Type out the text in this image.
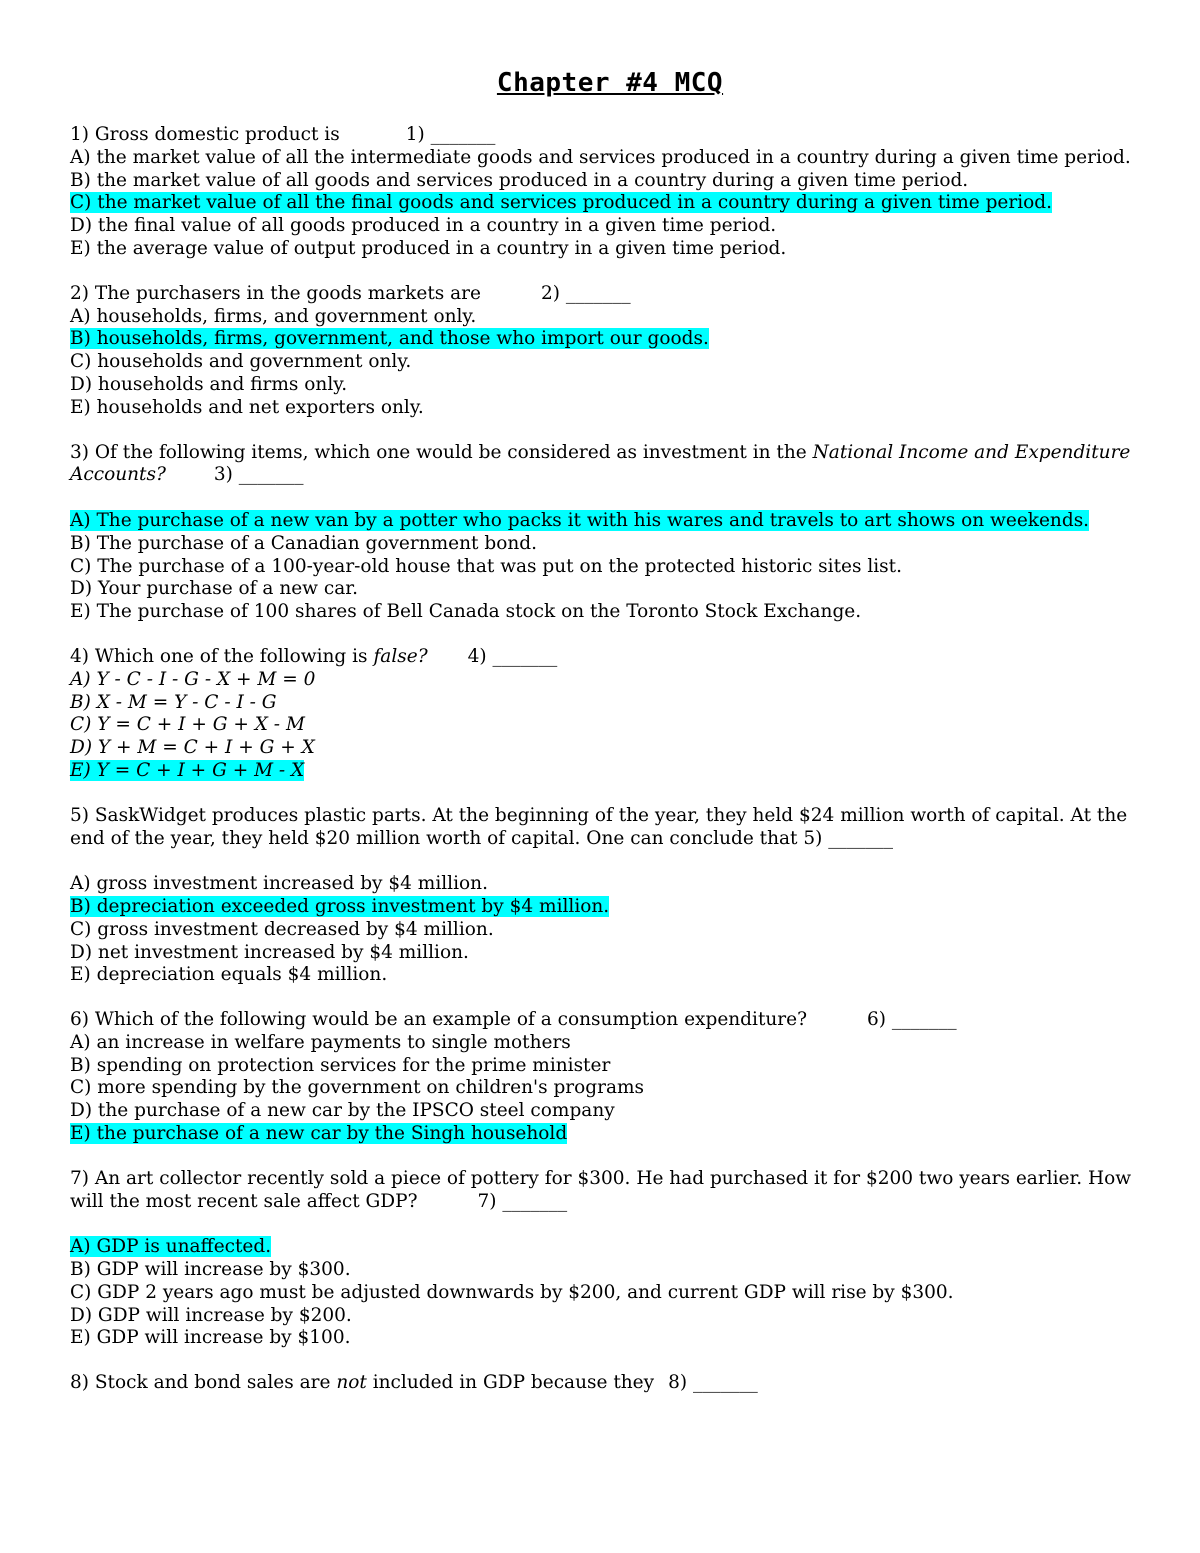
Chapter #4 MCQ
1) Gross domestic product is	1) _______
A) the market value of all the intermediate goods and services produced in a country during a given time period.
B) the market value of all goods and services produced in a country during a given time period.
C) the market value of all the final goods and services produced in a country during a given time period.
D) the final value of all goods produced in a country in a given time period.
E) the average value of output produced in a country in a given time period.
2) The purchasers in the goods markets are	2) _______
A) households, firms, and government only.
B) households, firms, government, and those who import our goods.
C) households and government only.
D) households and firms only.
E) households and net exporters only.
3) Of the following items, which one would be considered as investment in the National Income and Expenditure Accounts?	3) _______
A) The purchase of a new van by a potter who packs it with his wares and travels to art shows on weekends.
B) The purchase of a Canadian government bond.
C) The purchase of a 100-year-old house that was put on the protected historic sites list.
D) Your purchase of a new car.
E) The purchase of 100 shares of Bell Canada stock on the Toronto Stock Exchange.
4) Which one of the following is false? 4) _______
A) Y - C - I - G - X + M = 0
B) X - M = Y - C - I - G
C) Y = C + I + G + X - M
D) Y + M = C + I + G + X
E) Y = C + I + G + M - X
5) SaskWidget produces plastic parts. At the beginning of the year, they held $24 million worth of capital. At the end of the year, they held $20 million worth of capital. One can conclude that 5) _______
A) gross investment increased by $4 million.
B) depreciation exceeded gross investment by $4 million.
C) gross investment decreased by $4 million.
D) net investment increased by $4 million.
E) depreciation equals $4 million.
6) Which of the following would be an example of a consumption expenditure?	6) _______
A) an increase in welfare payments to single mothers
B) spending on protection services for the prime minister
C) more spending by the government on children's programs
D) the purchase of a new car by the IPSCO steel company
E) the purchase of a new car by the Singh household
7) An art collector recently sold a piece of pottery for $300. He had purchased it for $200 two years earlier. How will the most recent sale affect GDP?	7) _______
A) GDP is unaffected.
B) GDP will increase by $300.
C) GDP 2 years ago must be adjusted downwards by $200, and current GDP will rise by $300.
D) GDP will increase by $200.
E) GDP will increase by $100.
8) Stock and bond sales are not included in GDP because they 8) _______
